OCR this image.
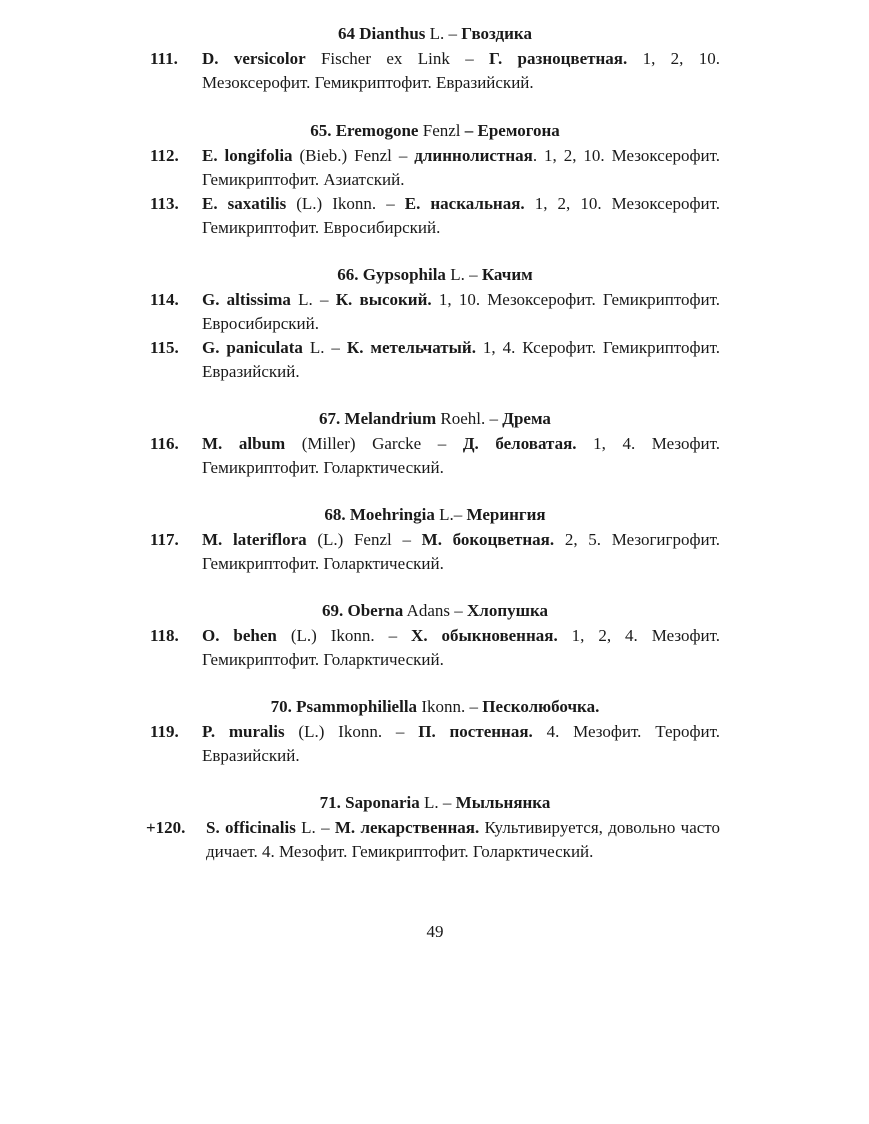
64 Dianthus L. – Гвоздика
111. D. versicolor Fischer ex Link – Г. разноцветная. 1, 2, 10. Мезоксерофит. Гемикриптофит. Евразийский.
65. Eremogone Fenzl – Еремогона
112. E. longifolia (Bieb.) Fenzl – длиннолистная. 1, 2, 10. Мезоксерофит. Гемикриптофит. Азиатский.
113. E. saxatilis (L.) Ikonn. – Е. наскальная. 1, 2, 10. Мезоксерофит. Гемикриптофит. Евросибирский.
66. Gypsophila L. – Качим
114. G. altissima L. – К. высокий. 1, 10. Мезоксерофит. Гемикриптофит. Евросибирский.
115. G. paniculata L. – К. метельчатый. 1, 4. Ксерофит. Гемикриптофит. Евразийский.
67. Melandrium Roehl. – Дрема
116. M. album (Miller) Garcke – Д. беловатая. 1, 4. Мезофит. Гемикриптофит. Голарктический.
68. Moehringia L.– Мерингия
117. M. lateriflora (L.) Fenzl – М. бокоцветная. 2, 5. Мезогигрофит. Гемикриптофит. Голарктический.
69. Oberna Adans – Хлопушка
118. O. behen (L.) Ikonn. – Х. обыкновенная. 1, 2, 4. Мезофит. Гемикриптофит. Голарктический.
70. Psammophiliella Ikonn. – Песколюбочка.
119. P. muralis (L.) Ikonn. – П. постенная. 4. Мезофит. Терофит. Евразийский.
71. Saponaria L. – Мыльнянка
+120. S. officinalis L. – М. лекарственная. Культивируется, довольно часто дичает. 4. Мезофит. Гемикриптофит. Голарктический.
49
